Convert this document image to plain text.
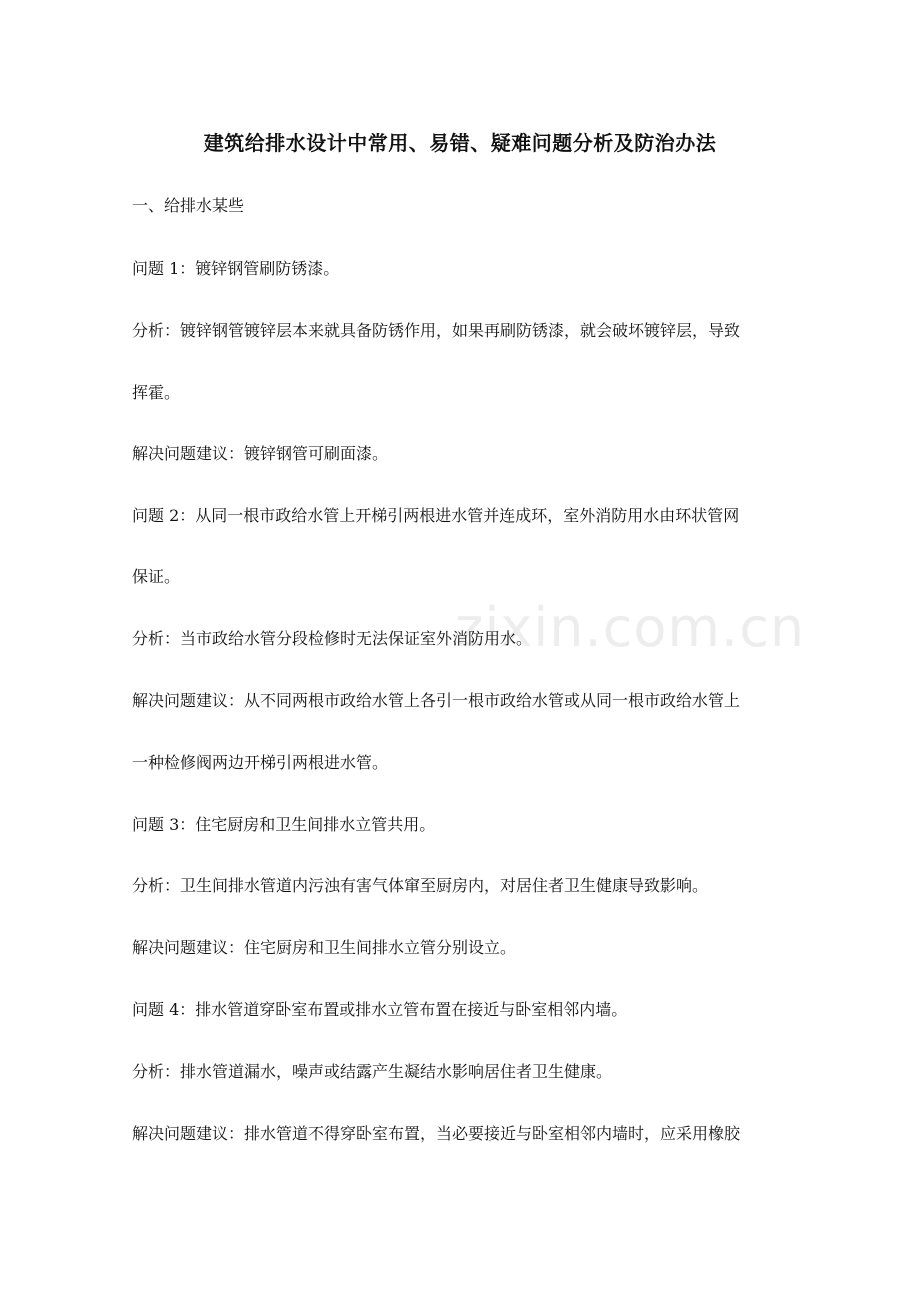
zixin.com.cn
建筑给排水设计中常用、易错、疑难问题分析及防治办法
一、给排水某些
问题 1：镀锌钢管刷防锈漆。
分析：镀锌钢管镀锌层本来就具备防锈作用，如果再刷防锈漆，就会破坏镀锌层，导致
挥霍。
解决问题建议：镀锌钢管可刷面漆。
问题 2：从同一根市政给水管上开梯引两根进水管并连成环，室外消防用水由环状管网
保证。
分析：当市政给水管分段检修时无法保证室外消防用水。
解决问题建议：从不同两根市政给水管上各引一根市政给水管或从同一根市政给水管上
一种检修阀两边开梯引两根进水管。
问题 3：住宅厨房和卫生间排水立管共用。
分析：卫生间排水管道内污浊有害气体窜至厨房内，对居住者卫生健康导致影响。
解决问题建议：住宅厨房和卫生间排水立管分别设立。
问题 4：排水管道穿卧室布置或排水立管布置在接近与卧室相邻内墙。
分析：排水管道漏水，噪声或结露产生凝结水影响居住者卫生健康。
解决问题建议：排水管道不得穿卧室布置，当必要接近与卧室相邻内墙时，应采用橡胶
